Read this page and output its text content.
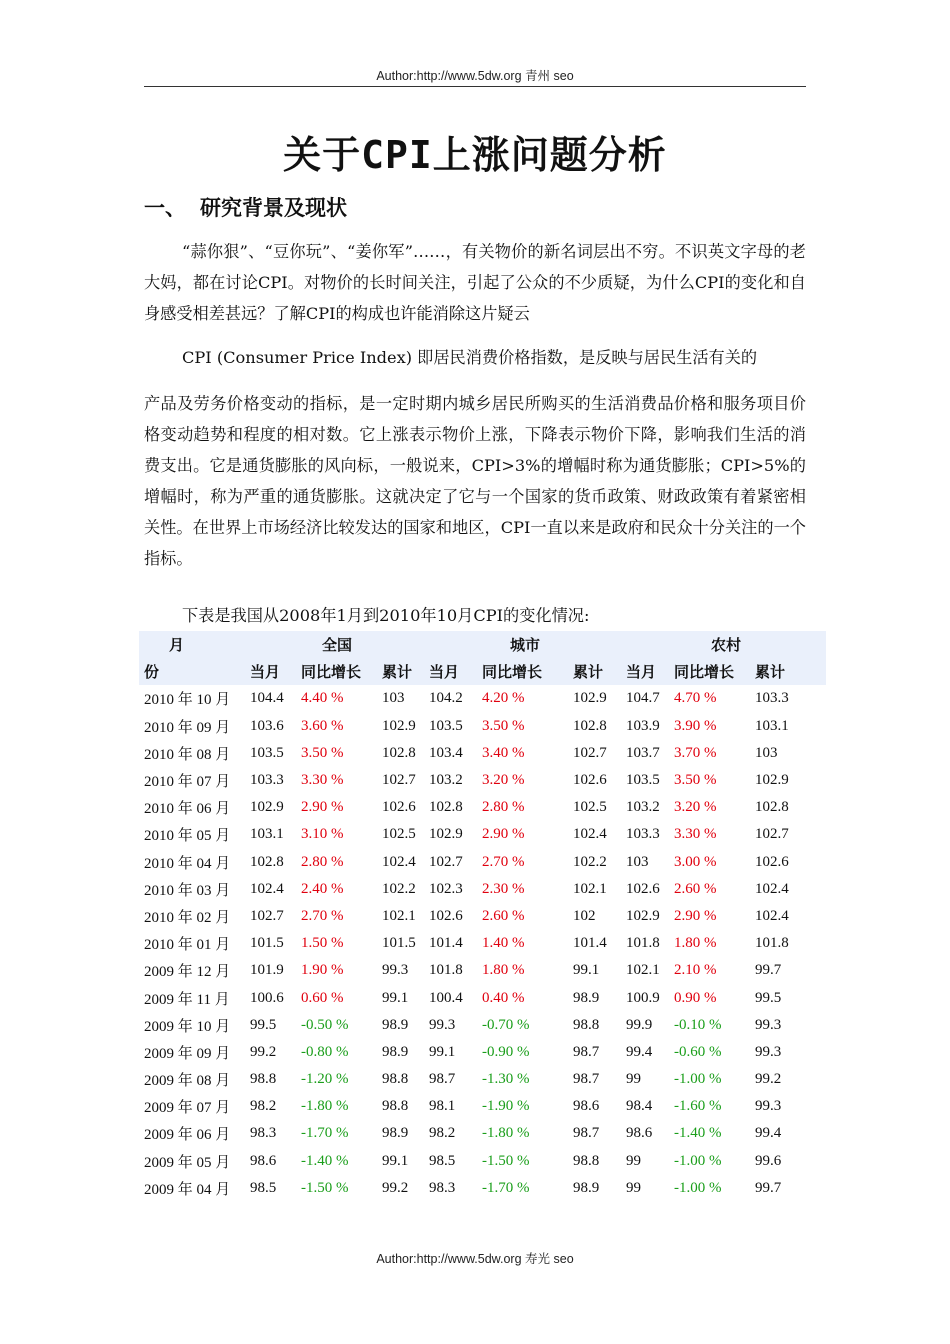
Author:http://www.5dw.org 青州 seo
关于CPI上涨问题分析
一、 研究背景及现状
“蒜你狠”、“豆你玩”、“姜你军”……，有关物价的新名词层出不穷。不识英文字母的老大妈，都在讨论CPI。对物价的长时间关注，引起了公众的不少质疑，为什么CPI的变化和自身感受相差甚远？了解CPI的构成也许能消除这片疑云
CPI (Consumer Price Index) 即居民消费价格指数，是反映与居民生活有关的
产品及劳务价格变动的指标，是一定时期内城乡居民所购买的生活消费品价格和服务项目价格变动趋势和程度的相对数。它上涨表示物价上涨，下降表示物价下降，影响我们生活的消费支出。它是通货膨胀的风向标，一般说来，CPI>3%的增幅时称为通货膨胀；CPI>5%的增幅时，称为严重的通货膨胀。这就决定了它与一个国家的货币政策、财政政策有着紧密相关性。在世界上市场经济比较发达的国家和地区，CPI一直以来是政府和民众十分关注的一个指标。
下表是我国从2008年1月到2010年10月CPI的变化情况:
月	全国			城市			农村		
份	当月	同比增长	累计	当月	同比增长	累计	当月	同比增长	累计
2010 年 10 月	104.4	4.40 %	103	104.2	4.20 %	102.9	104.7	4.70 %	103.3
2010 年 09 月	103.6	3.60 %	102.9	103.5	3.50 %	102.8	103.9	3.90 %	103.1
2010 年 08 月	103.5	3.50 %	102.8	103.4	3.40 %	102.7	103.7	3.70 %	103
2010 年 07 月	103.3	3.30 %	102.7	103.2	3.20 %	102.6	103.5	3.50 %	102.9
2010 年 06 月	102.9	2.90 %	102.6	102.8	2.80 %	102.5	103.2	3.20 %	102.8
2010 年 05 月	103.1	3.10 %	102.5	102.9	2.90 %	102.4	103.3	3.30 %	102.7
2010 年 04 月	102.8	2.80 %	102.4	102.7	2.70 %	102.2	103	3.00 %	102.6
2010 年 03 月	102.4	2.40 %	102.2	102.3	2.30 %	102.1	102.6	2.60 %	102.4
2010 年 02 月	102.7	2.70 %	102.1	102.6	2.60 %	102	102.9	2.90 %	102.4
2010 年 01 月	101.5	1.50 %	101.5	101.4	1.40 %	101.4	101.8	1.80 %	101.8
2009 年 12 月	101.9	1.90 %	99.3	101.8	1.80 %	99.1	102.1	2.10 %	99.7
2009 年 11 月	100.6	0.60 %	99.1	100.4	0.40 %	98.9	100.9	0.90 %	99.5
2009 年 10 月	99.5	-0.50 %	98.9	99.3	-0.70 %	98.8	99.9	-0.10 %	99.3
2009 年 09 月	99.2	-0.80 %	98.9	99.1	-0.90 %	98.7	99.4	-0.60 %	99.3
2009 年 08 月	98.8	-1.20 %	98.8	98.7	-1.30 %	98.7	99	-1.00 %	99.2
2009 年 07 月	98.2	-1.80 %	98.8	98.1	-1.90 %	98.6	98.4	-1.60 %	99.3
2009 年 06 月	98.3	-1.70 %	98.9	98.2	-1.80 %	98.7	98.6	-1.40 %	99.4
2009 年 05 月	98.6	-1.40 %	99.1	98.5	-1.50 %	98.8	99	-1.00 %	99.6
2009 年 04 月	98.5	-1.50 %	99.2	98.3	-1.70 %	98.9	99	-1.00 %	99.7
Author:http://www.5dw.org 寿光 seo
